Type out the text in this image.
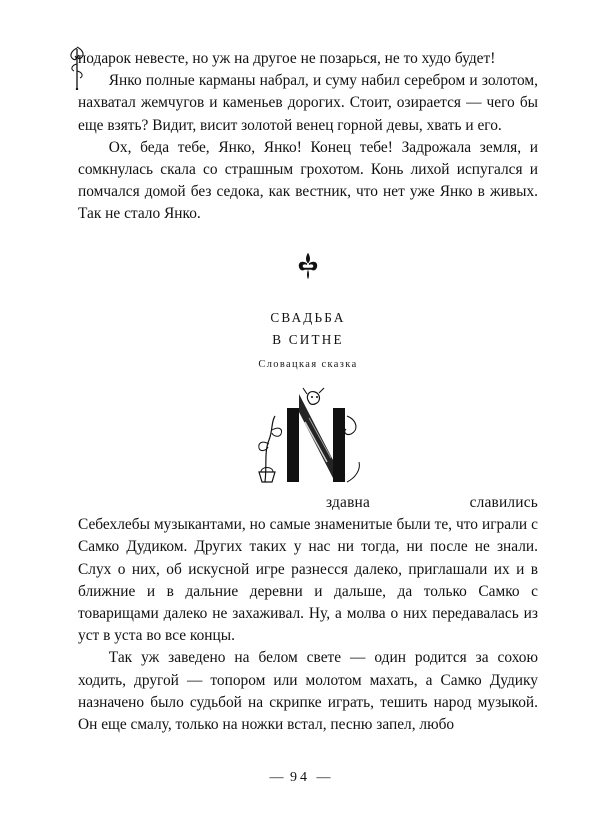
подарок невесте, но уж на другое не позарься, не то худо будет!

Янко полные карманы набрал, и суму набил серебром и золотом, нахватал жемчугов и каменьев дорогих. Стоит, озирается — чего бы еще взять? Видит, висит золотой венец горной девы, хвать и его.

Ох, беда тебе, Янко, Янко! Конец тебе! Задрожала земля, и сомкнулась скала со страшным грохотом. Конь лихой испугался и помчался домой без седока, как вестник, что нет уже Янко в живых. Так не стало Янко.

СВАДЬБА
В СИТНЕ
Словацкая сказка
здавна славились

Себехлебы музыкантами, но самые знаменитые были те, что играли с Самко Дудиком. Других таких у нас ни тогда, ни после не знали. Слух о них, об искусной игре разнесся далеко, приглашали их и в ближние и в дальние деревни и дальше, да только Самко с товарищами далеко не захаживал. Ну, а молва о них передавалась из уст в уста во все концы.

Так уж заведено на белом свете — один родится за сохою ходить, другой — топором или молотом махать, а Самко Дудику назначено было судьбой на скрипке играть, тешить народ музыкой. Он еще смалу, только на ножки встал, песню запел, любо

— 94 —
